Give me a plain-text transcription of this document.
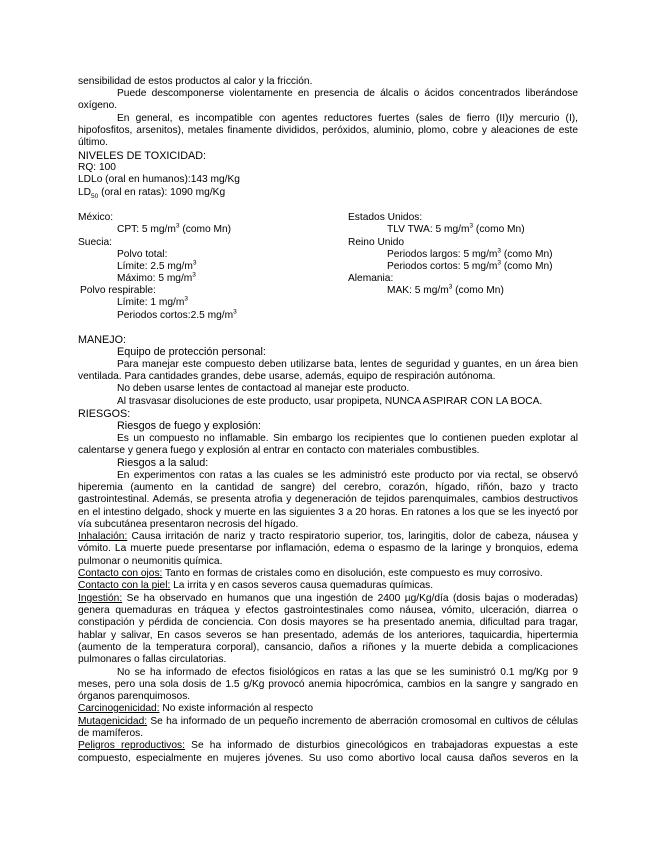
sensibilidad de estos productos al calor y la fricción.
Puede descomponerse violentamente en presencia de álcalis o ácidos concentrados liberándose
oxígeno.
En general, es incompatible con agentes reductores fuertes (sales de fierro (II)y mercurio (I),
hipofosfitos, arsenitos), metales finamente divididos, peróxidos, aluminio, plomo, cobre y aleaciones de este
último.
NIVELES DE TOXICIDAD:
RQ: 100
LDLo (oral en humanos):143 mg/Kg
$LD_{50}$ (oral en ratas): 1090 mg/Kg
México:
CPT: 5 $mg/m^3$ (como Mn)
Suecia:
Polvo total:
Límite: 2.5 $mg/m^3$
Máximo: 5 $mg/m^3$
Polvo respirable:
Límite: 1 $mg/m^3$
Periodos cortos:2.5 $mg/m^3$
Estados Unidos:
TLV TWA: 5 $mg/m^3$ (como Mn)
Reino Unido
Periodos largos: 5 $mg/m^3$ (como Mn)
Periodos cortos: 5 $mg/m^3$ (como Mn)
Alemania:
MAK: 5 $mg/m^3$ (como Mn)
MANEJO:
Equipo de protección personal:
Para manejar este compuesto deben utilizarse bata, lentes de seguridad y guantes, en un área bien
ventilada. Para cantidades grandes, debe usarse, además, equipo de respiración autónoma.
No deben usarse lentes de contactoad al manejar este producto.
Al trasvasar disoluciones de este producto, usar propipeta, NUNCA ASPIRAR CON LA BOCA.
RIESGOS:
Riesgos de fuego y explosión:
Es un compuesto no inflamable. Sin embargo los recipientes que lo contienen pueden explotar al
calentarse y genera fuego y explosión al entrar en contacto con materiales combustibles.
Riesgos a la salud:
En experimentos con ratas a las cuales se les administró este producto por via rectal, se observó
hiperemia (aumento en la cantidad de sangre) del cerebro, corazón, hígado, riñón, bazo y tracto
gastrointestinal. Además, se presenta atrofia y degeneración de tejidos parenquimales, cambios destructivos
en el intestino delgado, shock y muerte en las siguientes 3 a 20 horas. En ratones a los que se les inyectó por
vía subcutánea presentaron necrosis del hígado.
Inhalación: Causa irritación de nariz y tracto respiratorio superior, tos, laringitis, dolor de cabeza, náusea y
vómito. La muerte puede presentarse por inflamación, edema o espasmo de la laringe y bronquios, edema
pulmonar o neumonitis química.
Contacto con ojos: Tanto en formas de cristales como en disolución, este compuesto es muy corrosivo.
Contacto con la piel: La irrita y en casos severos causa quemaduras químicas.
Ingestión: Se ha observado en humanos que una ingestión de 2400 µg/Kg/día (dosis bajas o moderadas)
genera quemaduras en tráquea y efectos gastrointestinales como náusea, vómito, ulceración, diarrea o
constipación y pérdida de conciencia. Con dosis mayores se ha presentado anemia, dificultad para tragar,
hablar y salivar, En casos severos se han presentado, además de los anteriores, taquicardia, hipertermia
(aumento de la temperatura corporal), cansancio, daños a riñones y la muerte debida a complicaciones
pulmonares o fallas circulatorias.
No se ha informado de efectos fisiológicos en ratas a las que se les suministró 0.1 mg/Kg por 9
meses, pero una sola dosis de 1.5 g/Kg provocó anemia hipocrómica, cambios en la sangre y sangrado en
órganos parenquimosos.
Carcinogenicidad: No existe información al respecto
Mutagenicidad: Se ha informado de un pequeño incremento de aberración cromosomal en cultivos de células
de mamíferos.
Peligros reproductivos: Se ha informado de disturbios ginecológicos en trabajadoras expuestas a este
compuesto, especialmente en mujeres jóvenes. Su uso como abortivo local causa daños severos en la
